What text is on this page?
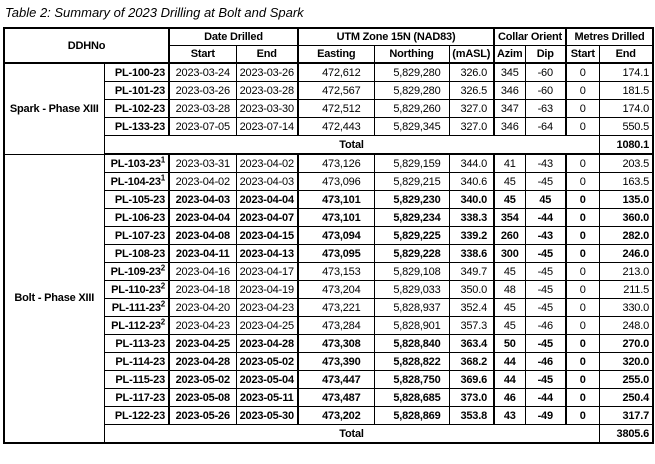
Table 2: Summary of 2023 Drilling at Bolt and Spark
DDHNo		Date Drilled		UTM Zone 15N (NAD83)			Collar Orient		Metres Drilled	
		Start	End	Easting	Northing	(mASL)	Azim	Dip	Start	End
Spark - Phase XIII	PL-100-23	2023-03-24	2023-03-26	472,612	5,829,280	326.0	345	-60	0	174.1
	PL-101-23	2023-03-26	2023-03-28	472,567	5,829,280	326.5	346	-60	0	181.5
	PL-102-23	2023-03-28	2023-03-30	472,512	5,829,260	327.0	347	-63	0	174.0
	PL-133-23	2023-07-05	2023-07-14	472,443	5,829,345	327.0	346	-64	0	550.5
	Total									1080.1
Bolt - Phase XIII	$PL-103-23^1$	2023-03-31	2023-04-02	473,126	5,829,159	344.0	41	-43	0	203.5
	$PL-104-23^1$	2023-04-02	2023-04-03	473,096	5,829,215	340.6	45	-45	0	163.5
	PL-105-23	2023-04-03	2023-04-04	473,101	5,829,230	340.0	45	45	0	135.0
	PL-106-23	2023-04-04	2023-04-07	473,101	5,829,234	338.3	354	-44	0	360.0
	PL-107-23	2023-04-08	2023-04-15	473,094	5,829,225	339.2	260	-43	0	282.0
	PL-108-23	2023-04-11	2023-04-13	473,095	5,829,228	338.6	300	-45	0	246.0
	$PL-109-23^2$	2023-04-16	2023-04-17	473,153	5,829,108	349.7	45	-45	0	213.0
	$PL-110-23^2$	2023-04-18	2023-04-19	473,204	5,829,033	350.0	48	-45	0	211.5
	$PL-111-23^2$	2023-04-20	2023-04-23	473,221	5,828,937	352.4	45	-45	0	330.0
	$PL-112-23^2$	2023-04-23	2023-04-25	473,284	5,828,901	357.3	45	-46	0	248.0
	PL-113-23	2023-04-25	2023-04-28	473,308	5,828,840	363.4	50	-45	0	270.0
	PL-114-23	2023-04-28	2023-05-02	473,390	5,828,822	368.2	44	-46	0	320.0
	PL-115-23	2023-05-02	2023-05-04	473,447	5,828,750	369.6	44	-45	0	255.0
	PL-117-23	2023-05-08	2023-05-11	473,487	5,828,685	373.0	46	-44	0	250.4
	PL-122-23	2023-05-26	2023-05-30	473,202	5,828,869	353.8	43	-49	0	317.7
	Total									3805.6
